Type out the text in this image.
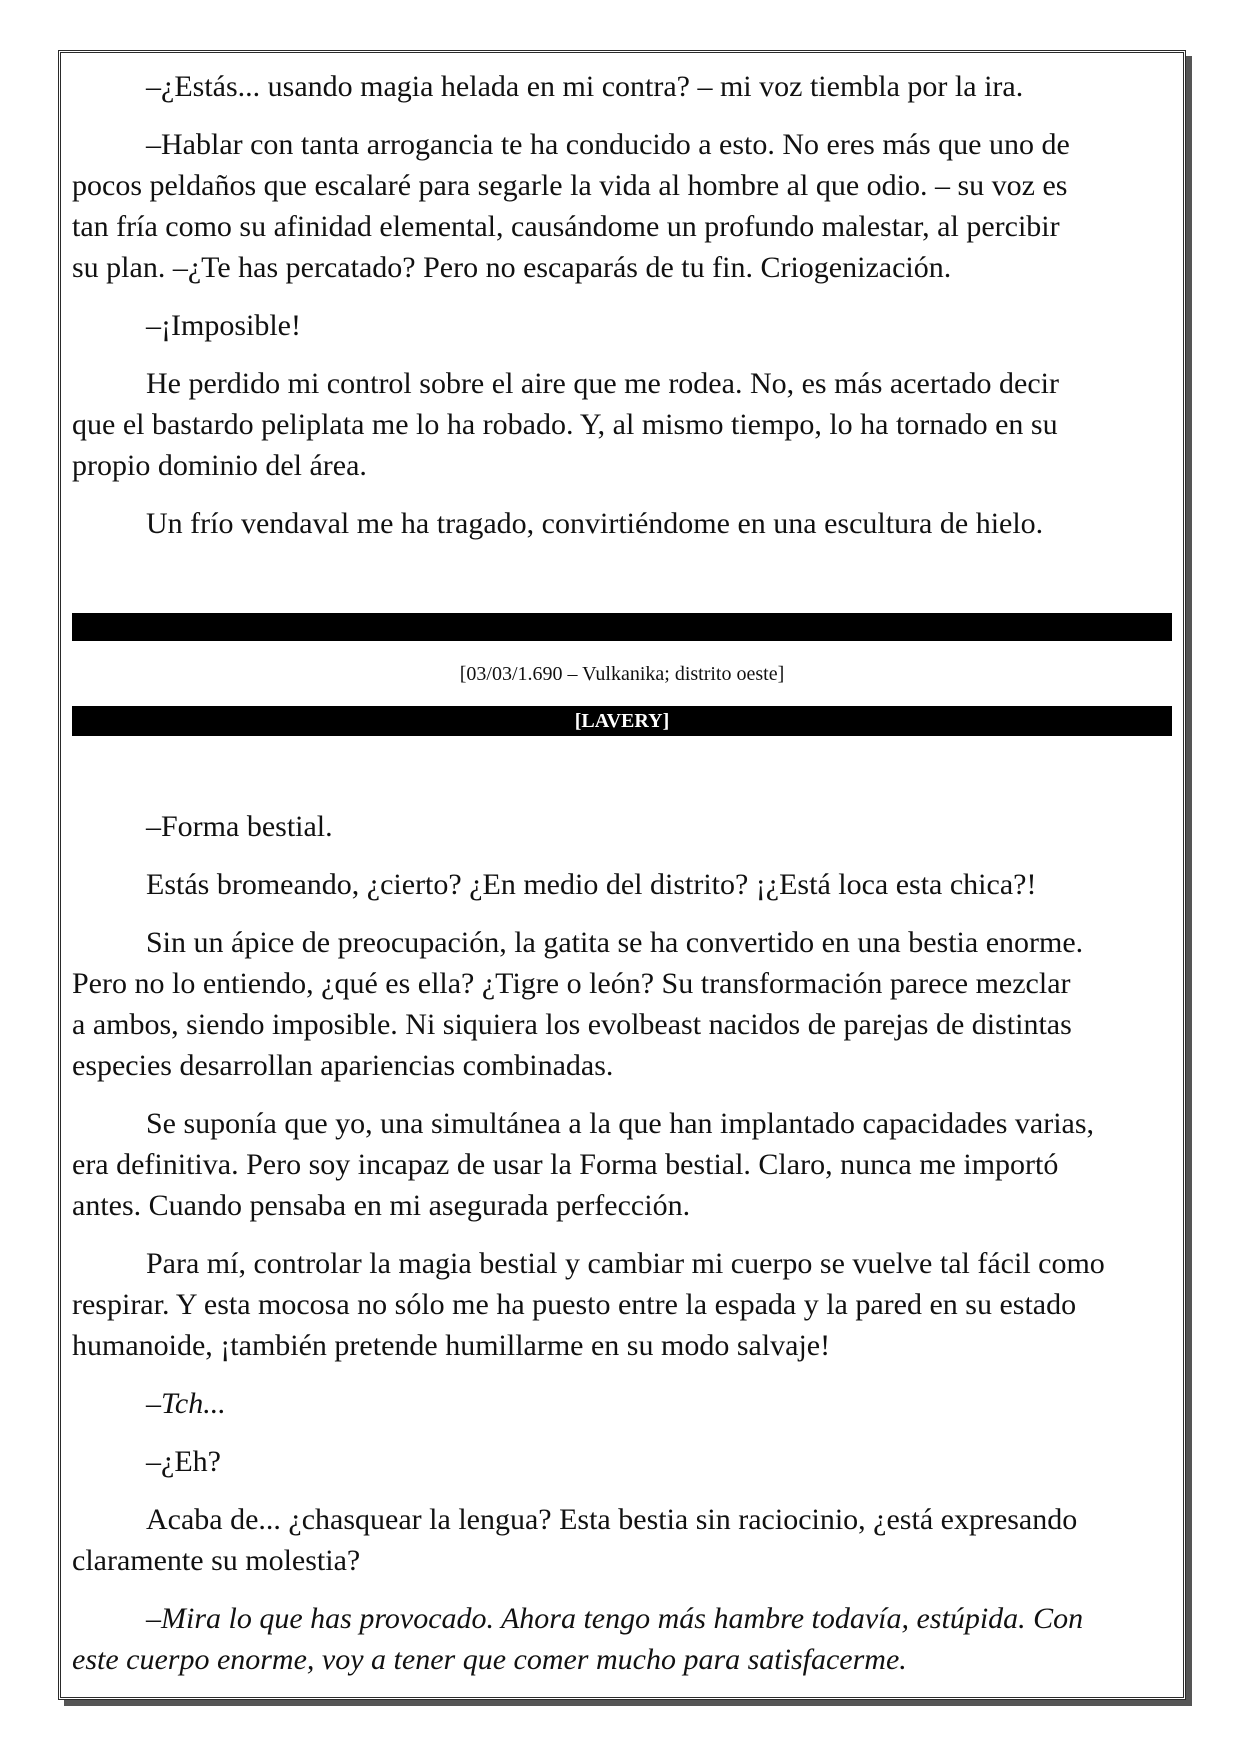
–¿Estás... usando magia helada en mi contra? – mi voz tiembla por la ira.

–Hablar con tanta arrogancia te ha conducido a esto. No eres más que uno de
pocos peldaños que escalaré para segarle la vida al hombre al que odio. – su voz es
tan fría como su afinidad elemental, causándome un profundo malestar, al percibir
su plan. –¿Te has percatado? Pero no escaparás de tu fin. Criogenización.

–¡Imposible!

He perdido mi control sobre el aire que me rodea. No, es más acertado decir
que el bastardo peliplata me lo ha robado. Y, al mismo tiempo, lo ha tornado en su
propio dominio del área.

Un frío vendaval me ha tragado, convirtiéndome en una escultura de hielo.

[03/03/1.690 – Vulkanika; distrito oeste]
[LAVERY]

–Forma bestial.

Estás bromeando, ¿cierto? ¿En medio del distrito? ¡¿Está loca esta chica?!

Sin un ápice de preocupación, la gatita se ha convertido en una bestia enorme.
Pero no lo entiendo, ¿qué es ella? ¿Tigre o león? Su transformación parece mezclar
a ambos, siendo imposible. Ni siquiera los evolbeast nacidos de parejas de distintas
especies desarrollan apariencias combinadas.

Se suponía que yo, una simultánea a la que han implantado capacidades varias,
era definitiva. Pero soy incapaz de usar la Forma bestial. Claro, nunca me importó
antes. Cuando pensaba en mi asegurada perfección.

Para mí, controlar la magia bestial y cambiar mi cuerpo se vuelve tal fácil como
respirar. Y esta mocosa no sólo me ha puesto entre la espada y la pared en su estado
humanoide, ¡también pretende humillarme en su modo salvaje!

–Tch...

–¿Eh?

Acaba de... ¿chasquear la lengua? Esta bestia sin raciocinio, ¿está expresando
claramente su molestia?

–Mira lo que has provocado. Ahora tengo más hambre todavía, estúpida. Con
este cuerpo enorme, voy a tener que comer mucho para satisfacerme.
